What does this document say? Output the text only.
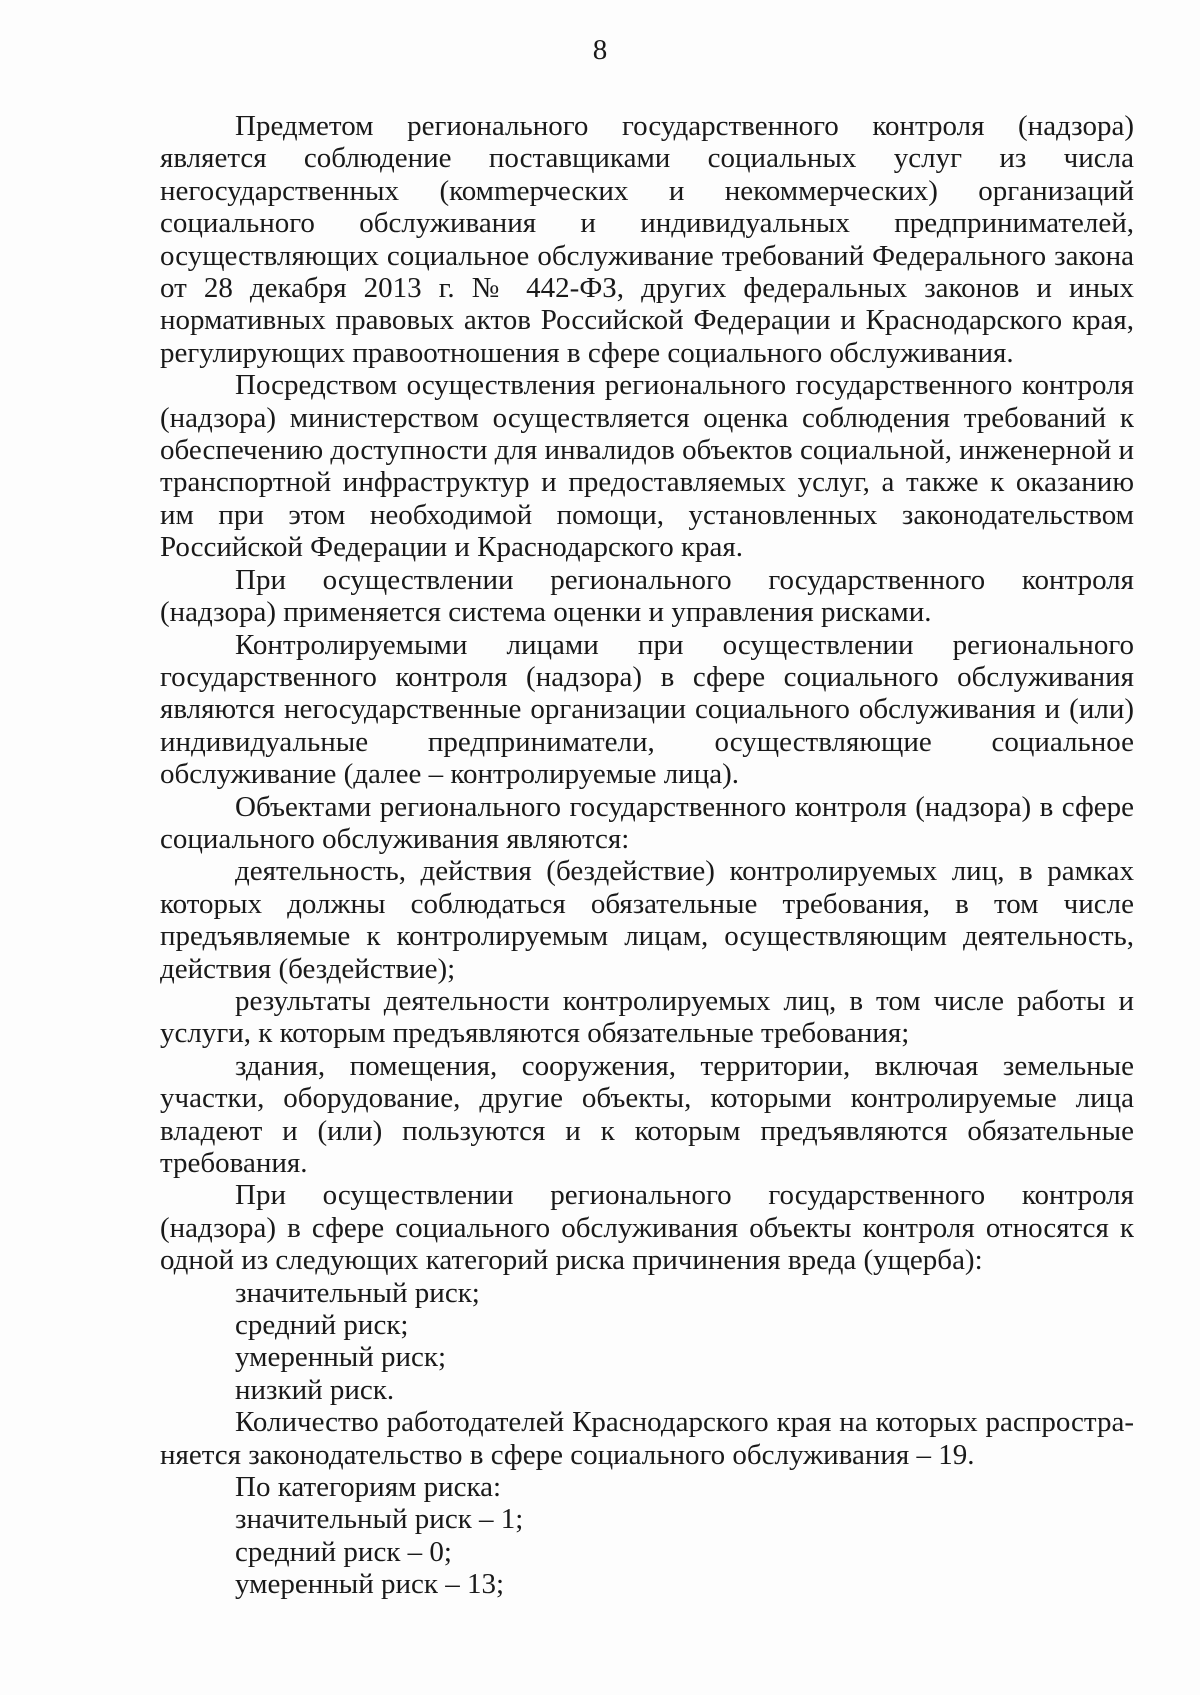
8

Предметом регионального государственного контроля (надзора) является соблюдение поставщиками социальных услуг из числа негосударственных (комmерческих и некоммерческих) организаций социального обслуживания и индивидуальных предпринимателей, осуществляющих социальное обслуживание требований Федерального закона от 28 декабря 2013 г. № 442-ФЗ, других федеральных законов и иных нормативных правовых актов Российской Федерации и Краснодарского края, регулирующих правоотношения в сфере социального обслуживания.

Посредством осуществления регионального государственного контроля (надзора) министерством осуществляется оценка соблюдения требований к обеспечению доступности для инвалидов объектов социальной, инженерной и транспортной инфраструктур и предоставляемых услуг, а также к оказанию им при этом необходимой помощи, установленных законодательством Российской Федерации и Краснодарского края.

При осуществлении регионального государственного контроля (надзора) применяется система оценки и управления рисками.

Контролируемыми лицами при осуществлении регионального государственного контроля (надзора) в сфере социального обслуживания являются негосударственные организации социального обслуживания и (или) индивидуальные предприниматели, осуществляющие социальное обслуживание (далее – контролируемые лица).

Объектами регионального государственного контроля (надзора) в сфере социального обслуживания являются:

деятельность, действия (бездействие) контролируемых лиц, в рамках которых должны соблюдаться обязательные требования, в том числе предъявляемые к контролируемым лицам, осуществляющим деятельность, действия (бездействие);

результаты деятельности контролируемых лиц, в том числе работы и услуги, к которым предъявляются обязательные требования;

здания, помещения, сооружения, территории, включая земельные участки, оборудование, другие объекты, которыми контролируемые лица владеют и (или) пользуются и к которым предъявляются обязательные требования.

При осуществлении регионального государственного контроля (надзора) в сфере социального обслуживания объекты контроля относятся к одной из следующих категорий риска причинения вреда (ущерба):

значительный риск;

средний риск;

умеренный риск;

низкий риск.

Количество работодателей Краснодарского края на которых распространяется законодательство в сфере социального обслуживания – 19.

По категориям риска:

значительный риск – 1;

средний риск – 0;

умеренный риск – 13;
